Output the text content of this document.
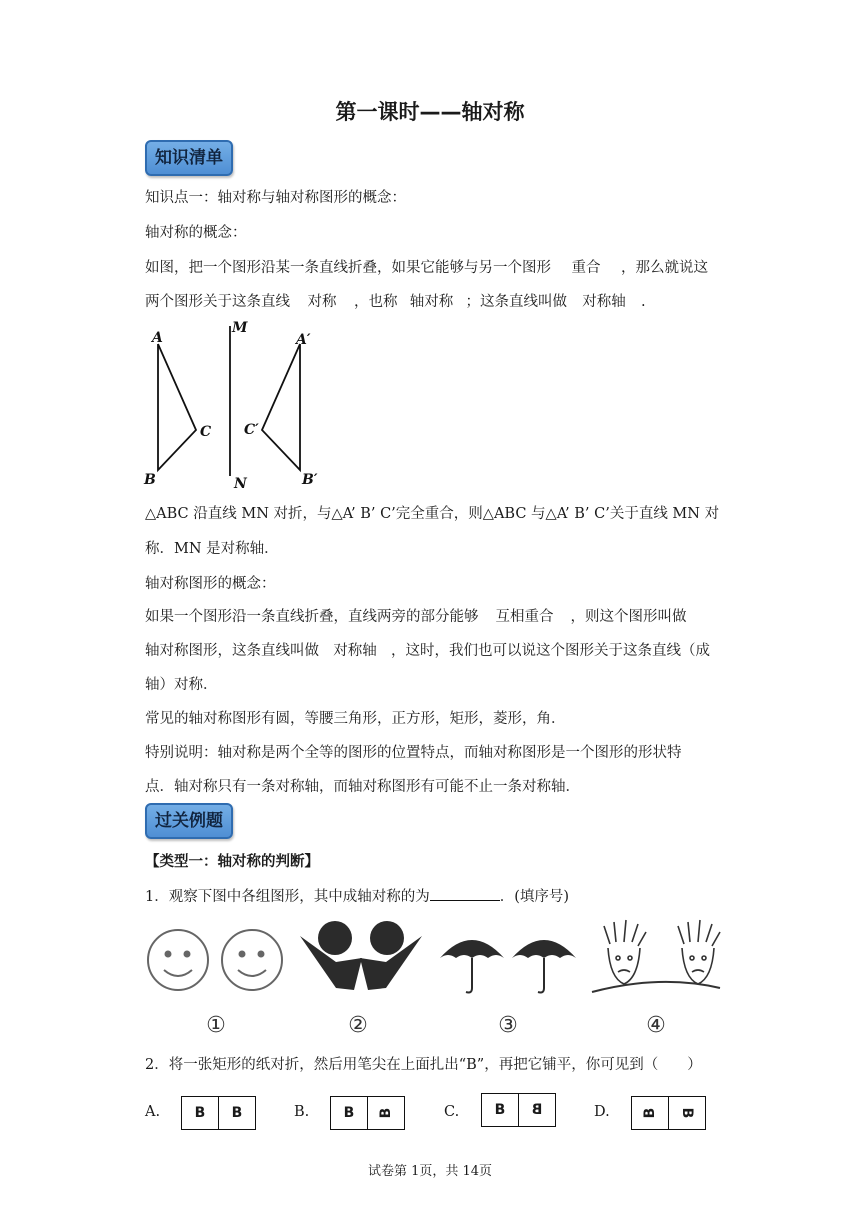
第一课时——轴对称
知识清单
知识点一：轴对称与轴对称图形的概念：
轴对称的概念：
如图，把一个图形沿某一条直线折叠，如果它能够与另一个图形 重合 ，那么就说这
两个图形关于这条直线 对称 ，也称 轴对称 ；这条直线叫做 对称轴 .
A
B
C
M
N
A′
C′
B′
△ABC 沿直线 MN 对折，与△A’ B’ C’完全重合，则△ABC 与△A’ B’ C’关于直线 MN 对
称．MN 是对称轴．
轴对称图形的概念：
如果一个图形沿一条直线折叠，直线两旁的部分能够 互相重合 ，则这个图形叫做
轴对称图形，这条直线叫做 对称轴 ，这时，我们也可以说这个图形关于这条直线（成
轴）对称．
常见的轴对称图形有圆，等腰三角形，正方形，矩形，菱形，角．
特别说明：轴对称是两个全等的图形的位置特点，而轴对称图形是一个图形的形状特
点．轴对称只有一条对称轴，而轴对称图形有可能不止一条对称轴．
过关例题
【类型一：轴对称的判断】
1．观察下图中各组图形，其中成轴对称的为	．(填序号)
①	②	③	④
2．将一张矩形的纸对折，然后用笔尖在上面扎出“B”，再把它铺平，你可见到（　　）
A.	B	B	B.	B	B	C.	B	B	D.	B	B
试卷第 1页，共 14页
